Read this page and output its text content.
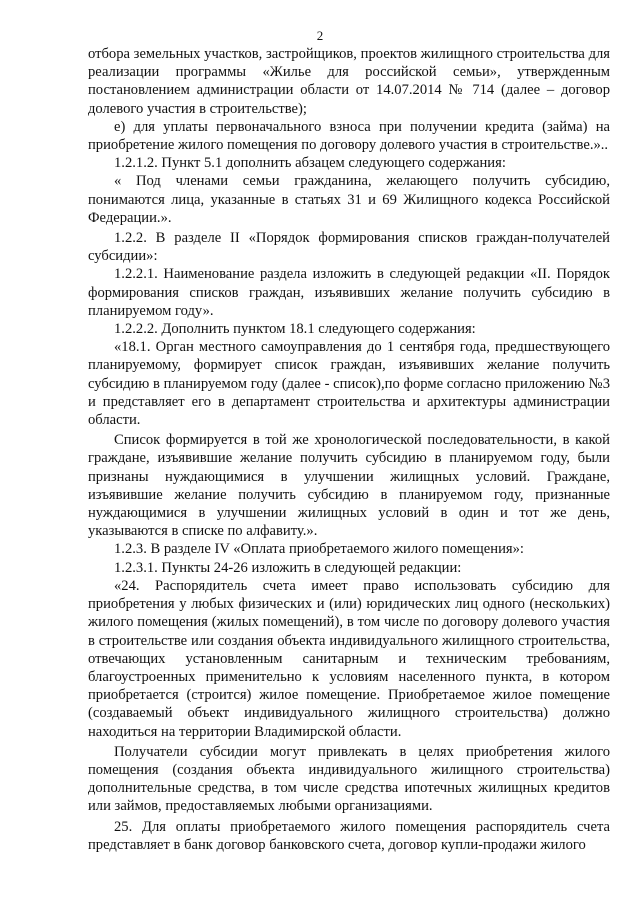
2

отбора земельных участков, застройщиков, проектов жилищного строительства для реализации программы «Жилье для российской семьи», утвержденным постановлением администрации области от 14.07.2014 № 714 (далее – договор долевого участия в строительстве);

е) для уплаты первоначального взноса при получении кредита (займа) на приобретение жилого помещения по договору долевого участия в строительстве.»..

1.2.1.2. Пункт 5.1 дополнить абзацем следующего содержания:

« Под членами семьи гражданина, желающего получить субсидию, понимаются лица, указанные в статьях 31 и 69 Жилищного кодекса Российской Федерации.».

1.2.2. В разделе II «Порядок формирования списков граждан-получателей субсидии»:

1.2.2.1. Наименование раздела изложить в следующей редакции «II. Порядок формирования списков граждан, изъявивших желание получить субсидию в планируемом году».

1.2.2.2. Дополнить пунктом 18.1 следующего содержания:

«18.1. Орган местного самоуправления до 1 сентября года, предшествующего планируемому, формирует список граждан, изъявивших желание получить субсидию в планируемом году (далее - список),по форме согласно приложению №3 и представляет его в департамент строительства и архитектуры администрации области.

Список формируется в той же хронологической последовательности, в какой граждане, изъявившие желание получить субсидию в планируемом году, были признаны нуждающимися в улучшении жилищных условий. Граждане, изъявившие желание получить субсидию в планируемом году, признанные нуждающимися в улучшении жилищных условий в один и тот же день, указываются в списке по алфавиту.».

1.2.3. В разделе IV «Оплата приобретаемого жилого помещения»:

1.2.3.1. Пункты 24-26 изложить в следующей редакции:

«24. Распорядитель счета имеет право использовать субсидию для приобретения у любых физических и (или) юридических лиц одного (нескольких) жилого помещения (жилых помещений), в том числе по договору долевого участия в строительстве или создания объекта индивидуального жилищного строительства, отвечающих установленным санитарным и техническим требованиям, благоустроенных применительно к условиям населенного пункта, в котором приобретается (строится) жилое помещение. Приобретаемое жилое помещение (создаваемый объект индивидуального жилищного строительства) должно находиться на территории Владимирской области.

Получатели субсидии могут привлекать в целях приобретения жилого помещения (создания объекта индивидуального жилищного строительства) дополнительные средства, в том числе средства ипотечных жилищных кредитов или займов, предоставляемых любыми организациями.

25. Для оплаты приобретаемого жилого помещения распорядитель счета представляет в банк договор банковского счета, договор купли-продажи жилого
